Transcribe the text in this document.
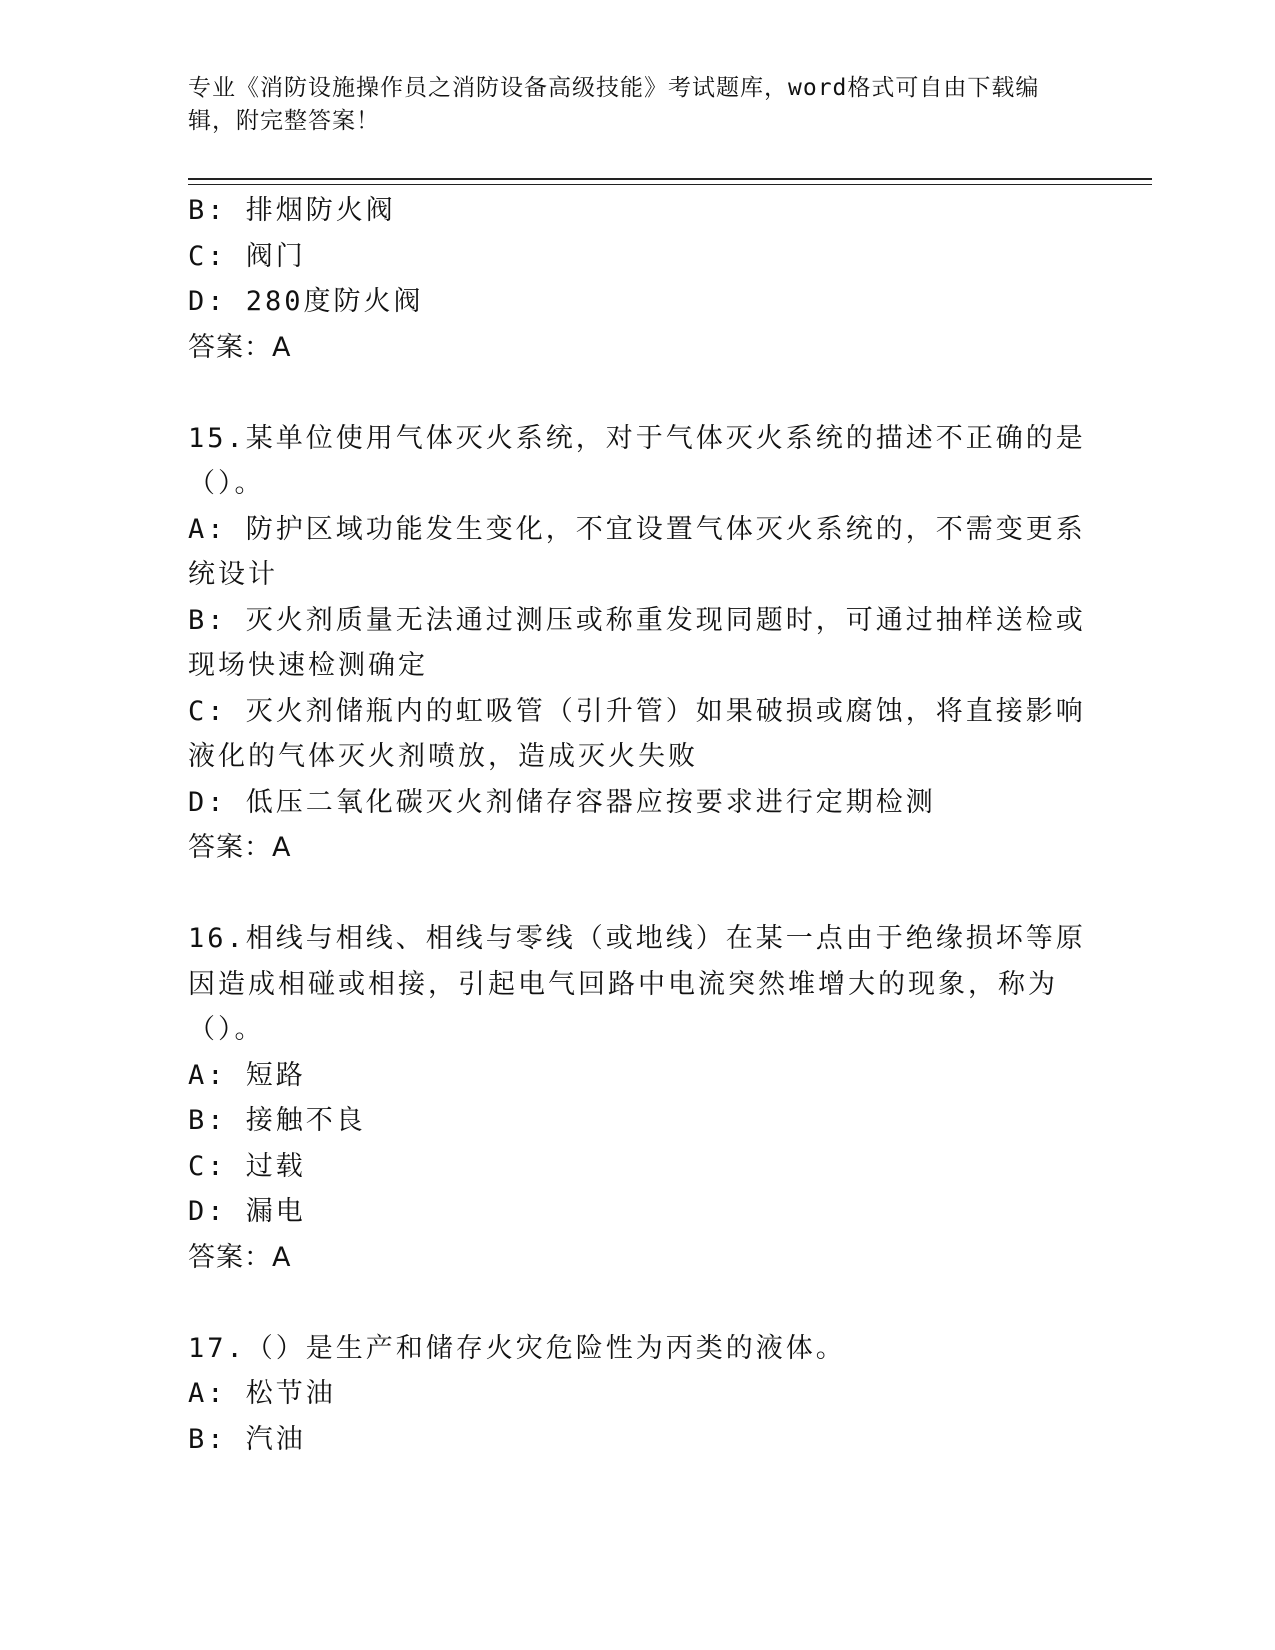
专业《消防设施操作员之消防设备高级技能》考试题库，word格式可自由下载编辑，附完整答案！
B: 排烟防火阀
C: 阀门
D: 280度防火阀
答案：A
15.某单位使用气体灭火系统，对于气体灭火系统的描述不正确的是（）。
A: 防护区域功能发生变化，不宜设置气体灭火系统的，不需变更系统设计
B: 灭火剂质量无法通过测压或称重发现同题时，可通过抽样送检或现场快速检测确定
C: 灭火剂储瓶内的虹吸管（引升管）如果破损或腐蚀，将直接影响液化的气体灭火剂喷放，造成灭火失败
D: 低压二氧化碳灭火剂储存容器应按要求进行定期检测
答案：A
16.相线与相线、相线与零线（或地线）在某一点由于绝缘损坏等原因造成相碰或相接，引起电气回路中电流突然堆增大的现象，称为（）。
A: 短路
B: 接触不良
C: 过载
D: 漏电
答案：A
17.（）是生产和储存火灾危险性为丙类的液体。
A: 松节油
B: 汽油
